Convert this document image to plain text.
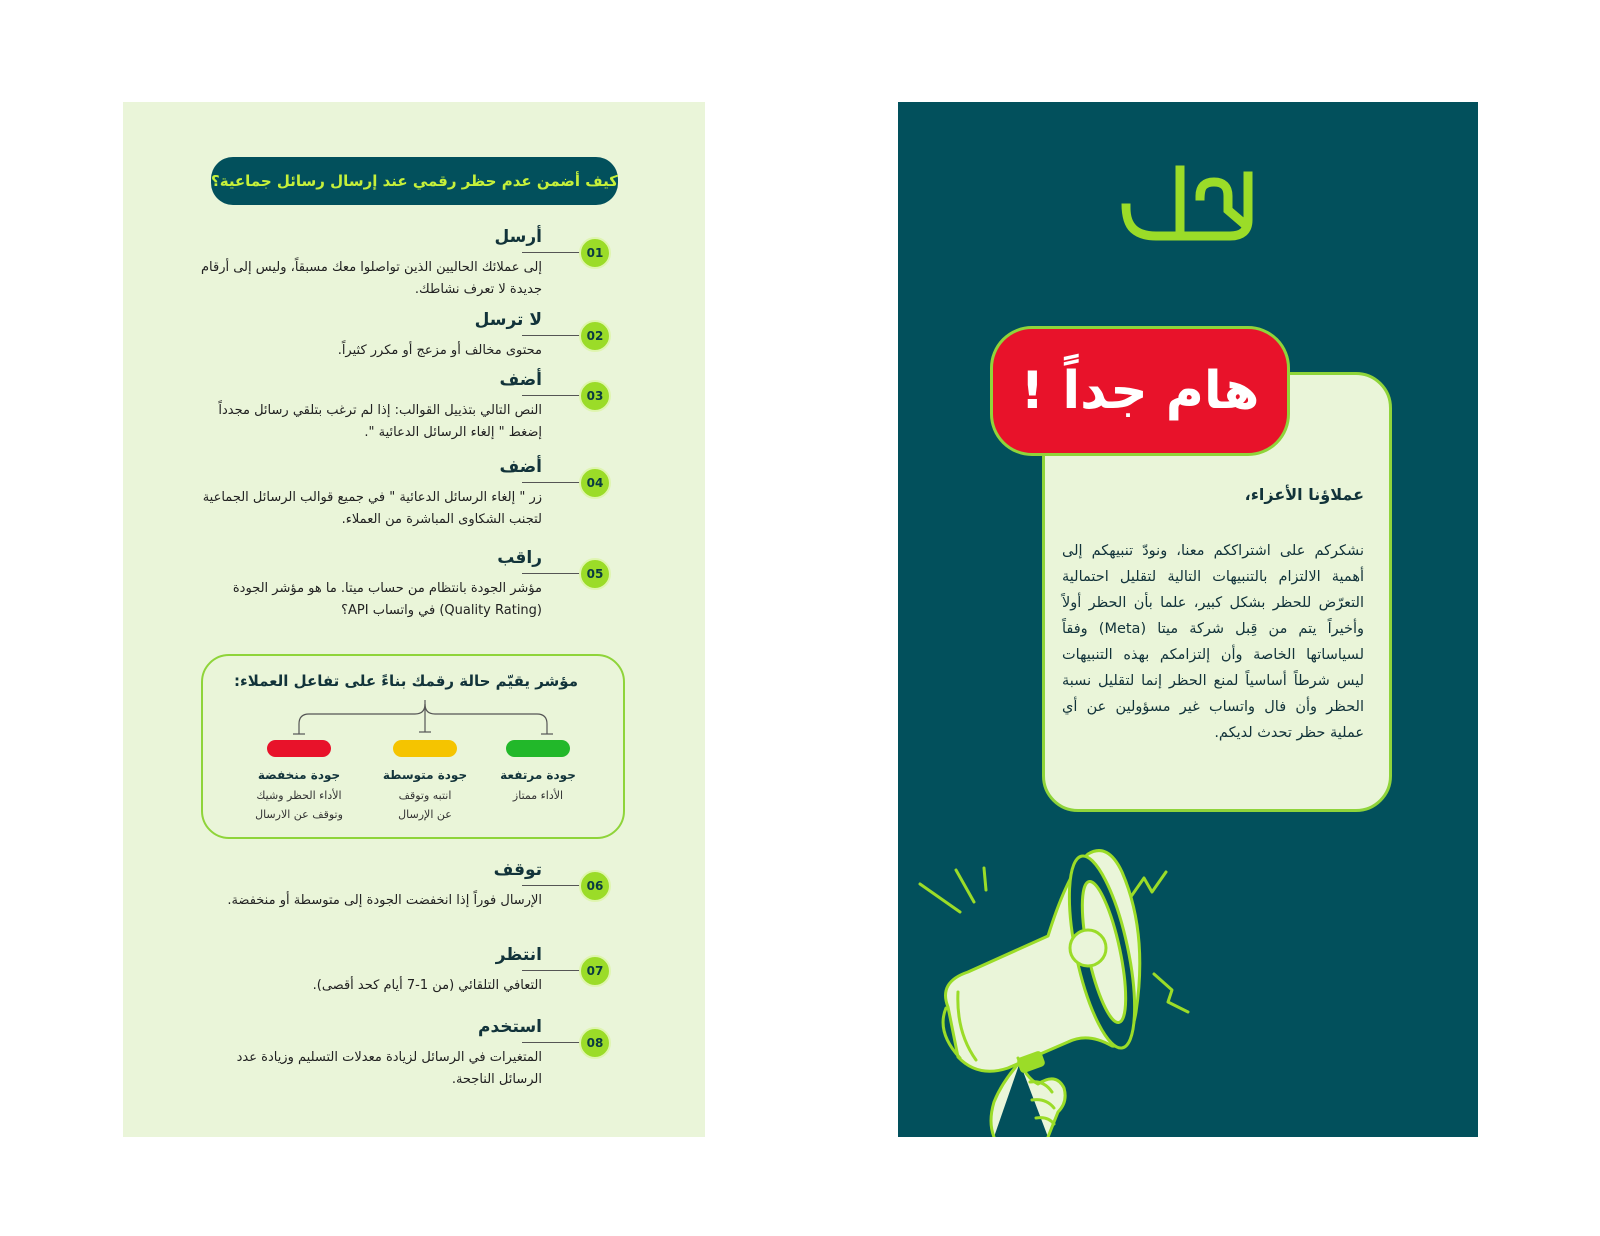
كيف أضمن عدم حظر رقمي عند إرسال رسائل جماعية؟
أرسل
01
إلى عملائك الحاليين الذين تواصلوا معك مسبقاً، وليس إلى أرقام جديدة لا تعرف نشاطك.
لا ترسل
02
محتوى مخالف أو مزعج أو مكرر كثيراً.
أضف
03
النص التالي بتذييل القوالب: إذا لم ترغب بتلقي رسائل مجدداً إضغط " إلغاء الرسائل الدعائية ".
أضف
04
زر " إلغاء الرسائل الدعائية " في جميع قوالب الرسائل الجماعية لتجنب الشكاوى المباشرة من العملاء.
راقب
05
مؤشر الجودة بانتظام من حساب ميتا. ما هو مؤشر الجودة (Quality Rating) في واتساب API؟
مؤشر يقيّم حالة رقمك بناءً على تفاعل العملاء:
جودة مرتفعة
الأداء ممتاز
جودة متوسطة
انتبه وتوقف
عن الإرسال
جودة منخفضة
الأداء الحظر وشيك
وتوقف عن الارسال
توقف
06
الإرسال فوراً إذا انخفضت الجودة إلى متوسطة أو منخفضة.
انتظر
07
التعافي التلقائي (من 1-7 أيام كحد أقصى).
استخدم
08
المتغيرات في الرسائل لزيادة معدلات التسليم وزيادة عدد الرسائل الناجحة.
هام جداً !
عملاؤنا الأعزاء،
نشكركم على اشتراككم معنا، ونودّ تنبيهكم إلى أهمية الالتزام بالتنبيهات التالية لتقليل احتمالية التعرّض للحظر بشكل كبير، علما بأن الحظر أولاً وأخيراً يتم من قِبل شركة ميتا (Meta) وفقاً لسياساتها الخاصة وأن إلتزامكم بهذه التنبيهات ليس شرطاً أساسياً لمنع الحظر إنما لتقليل نسبة الحظر وأن فال واتساب غير مسؤولين عن أي عملية حظر تحدث لديكم.
